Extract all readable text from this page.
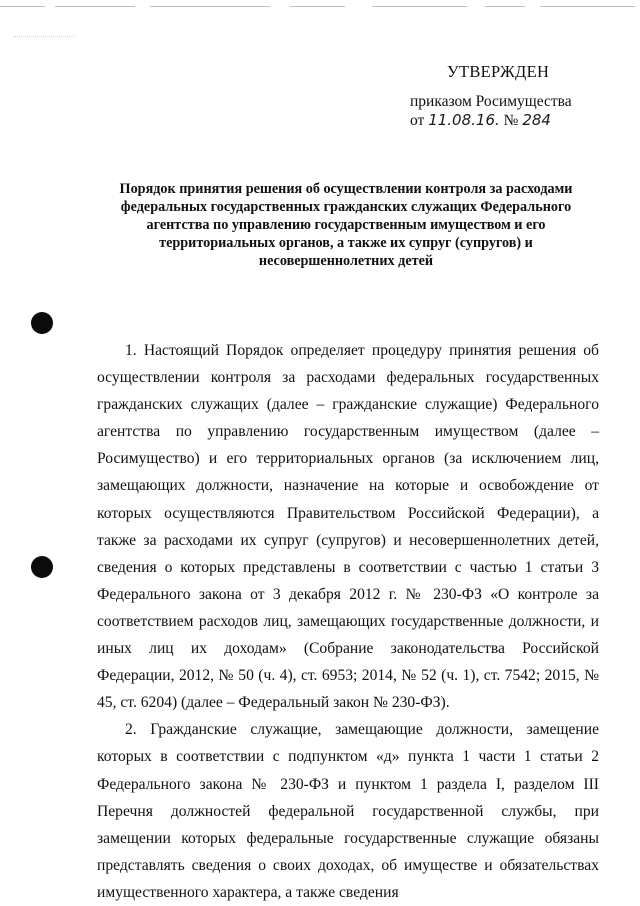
УТВЕРЖДЕН
приказом Росимущества
от 11.08.16. № 284
Порядок принятия решения об осуществлении контроля за расходами федеральных государственных гражданских служащих Федерального агентства по управлению государственным имуществом и его территориальных органов, а также их супруг (супругов) и несовершеннолетних детей

1. Настоящий Порядок определяет процедуру принятия решения об осуществлении контроля за расходами федеральных государственных гражданских служащих (далее – гражданские служащие) Федерального агентства по управлению государственным имуществом (далее – Росимущество) и его территориальных органов (за исключением лиц, замещающих должности, назначение на которые и освобождение от которых осуществляются Правительством Российской Федерации), а также за расходами их супруг (супругов) и несовершеннолетних детей, сведения о которых представлены в соответствии с частью 1 статьи 3 Федерального закона от 3 декабря 2012 г. № 230-ФЗ «О контроле за соответствием расходов лиц, замещающих государственные должности, и иных лиц их доходам» (Собрание законодательства Российской Федерации, 2012, № 50 (ч. 4), ст. 6953; 2014, № 52 (ч. 1), ст. 7542; 2015, № 45, ст. 6204) (далее – Федеральный закон № 230-ФЗ).

2. Гражданские служащие, замещающие должности, замещение которых в соответствии с подпунктом «д» пункта 1 части 1 статьи 2 Федерального закона № 230-ФЗ и пунктом 1 раздела I, разделом III Перечня должностей федеральной государственной службы, при замещении которых федеральные государственные служащие обязаны представлять сведения о своих доходах, об имуществе и обязательствах имущественного характера, а также сведения
